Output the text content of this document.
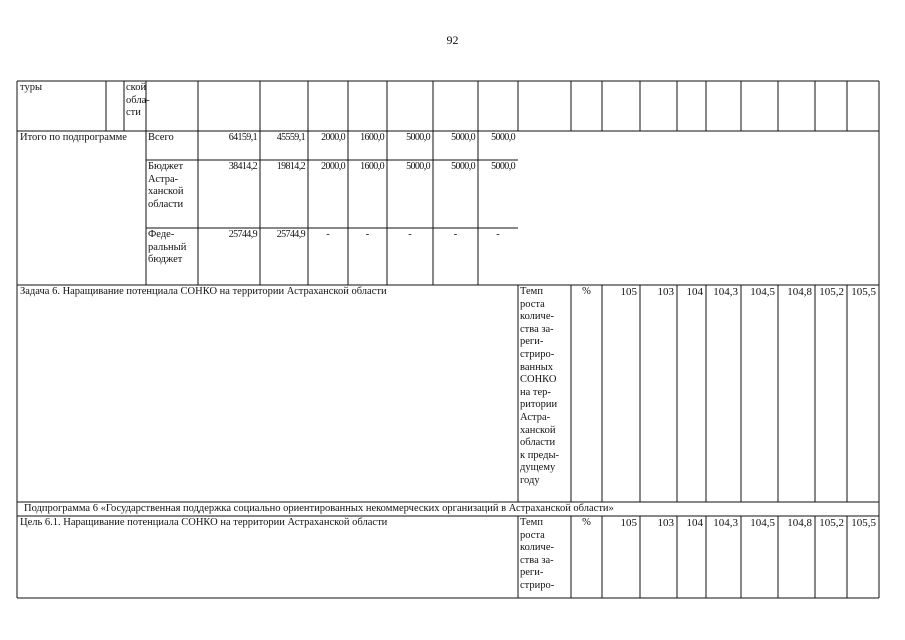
92
туры	ской
обла-
сти
Итого по подпрограмме	Всего	64159,1	45559,1	2000,0	1600,0	5000,0	5000,0	5000,0
Бюджет
Астра-
ханской
области
38414,2	19814,2	2000,0	1600,0	5000,0	5000,0	5000,0
Феде-
ральный
бюджет
25744,9	25744,9	-	-	-	-	-
Задача 6. Наращивание потенциала СОНКО на территории Астраханской области	Темп
роста
количе-
ства за-
реги-
стриро-
ванных
СОНКО
на тер-
ритории
Астра-
ханской
области
к преды-
дущему
году
%	105	103	104 104,3	104,5	104,8 105,2 105,5
Подпрограмма 6 «Государственная поддержка социально ориентированных некоммерческих организаций в Астраханской области»
Цель 6.1. Наращивание потенциала СОНКО на территории Астраханской области	Темп
роста
количе-
ства за-
реги-
стриро-
%	105	103	104 104,3	104,5	104,8 105,2 105,5
